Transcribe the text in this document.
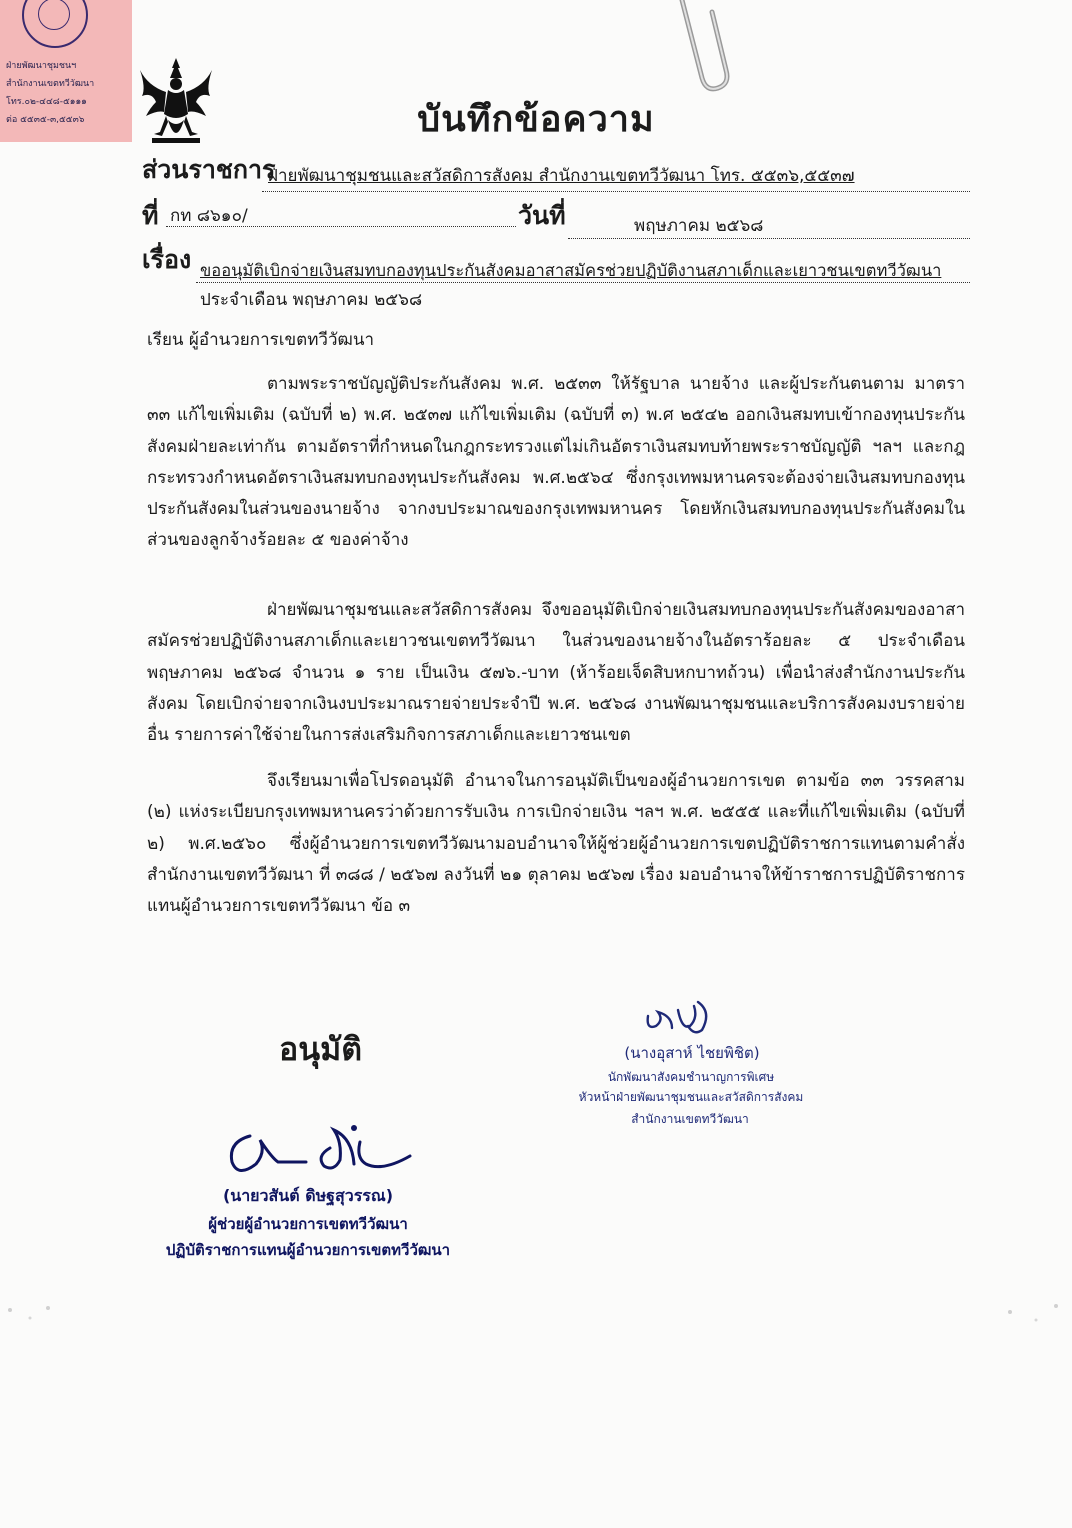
ฝ่ายพัฒนาชุมชนฯ
สำนักงานเขตทวีวัฒนา
โทร.๐๒-๔๔๘-๕๑๑๑
ต่อ ๕๕๓๕-๓,๕๕๓๖	บันทึกข้อความ
ส่วนราชการ
ฝ่ายพัฒนาชุมชนและสวัสดิการสังคม สำนักงานเขตทวีวัฒนา โทร. ๕๕๓๖,๕๕๓๗
ที่ กท ๘๖๑๐/	วันที่	พฤษภาคม ๒๕๖๘
เรื่อง ขออนุมัติเบิกจ่ายเงินสมทบกองทุนประกันสังคมอาสาสมัครช่วยปฏิบัติงานสภาเด็กและเยาวชนเขตทวีวัฒนา
ประจำเดือน พฤษภาคม ๒๕๖๘
เรียน ผู้อำนวยการเขตทวีวัฒนา

ตามพระราชบัญญัติประกันสังคม พ.ศ. ๒๕๓๓ ให้รัฐบาล นายจ้าง และผู้ประกันตนตาม มาตรา ๓๓ แก้ไขเพิ่มเติม (ฉบับที่ ๒) พ.ศ. ๒๕๓๗ แก้ไขเพิ่มเติม (ฉบับที่ ๓) พ.ศ ๒๕๔๒ ออกเงินสมทบเข้ากองทุนประกันสังคมฝ่ายละเท่ากัน ตามอัตราที่กำหนดในกฎกระทรวงแต่ไม่เกินอัตราเงินสมทบท้ายพระราชบัญญัติ ฯลฯ และกฎกระทรวงกำหนดอัตราเงินสมทบกองทุนประกันสังคม พ.ศ.๒๕๖๔ ซึ่งกรุงเทพมหานครจะต้องจ่ายเงินสมทบกองทุนประกันสังคมในส่วนของนายจ้าง จากงบประมาณของกรุงเทพมหานคร โดยหักเงินสมทบกองทุนประกันสังคมในส่วนของลูกจ้างร้อยละ ๕ ของค่าจ้าง

ฝ่ายพัฒนาชุมชนและสวัสดิการสังคม จึงขออนุมัติเบิกจ่ายเงินสมทบกองทุนประกันสังคมของอาสาสมัครช่วยปฏิบัติงานสภาเด็กและเยาวชนเขตทวีวัฒนา ในส่วนของนายจ้างในอัตราร้อยละ ๕ ประจำเดือน พฤษภาคม ๒๕๖๘ จำนวน ๑ ราย เป็นเงิน ๕๗๖.-บาท (ห้าร้อยเจ็ดสิบหกบาทถ้วน) เพื่อนำส่งสำนักงานประกันสังคม โดยเบิกจ่ายจากเงินงบประมาณรายจ่ายประจำปี พ.ศ. ๒๕๖๘ งานพัฒนาชุมชนและบริการสังคมงบรายจ่ายอื่น รายการค่าใช้จ่ายในการส่งเสริมกิจการสภาเด็กและเยาวชนเขต

จึงเรียนมาเพื่อโปรดอนุมัติ อำนาจในการอนุมัติเป็นของผู้อำนวยการเขต ตามข้อ ๓๓ วรรคสาม (๒) แห่งระเบียบกรุงเทพมหานครว่าด้วยการรับเงิน การเบิกจ่ายเงิน ฯลฯ พ.ศ. ๒๕๕๕ และที่แก้ไขเพิ่มเติม (ฉบับที่ ๒) พ.ศ.๒๕๖๐ ซึ่งผู้อำนวยการเขตทวีวัฒนามอบอำนาจให้ผู้ช่วยผู้อำนวยการเขตปฏิบัติราชการแทนตามคำสั่งสำนักงานเขตทวีวัฒนา ที่ ๓๘๘ / ๒๕๖๗ ลงวันที่ ๒๑ ตุลาคม ๒๕๖๗ เรื่อง มอบอำนาจให้ข้าราชการปฏิบัติราชการแทนผู้อำนวยการเขตทวีวัฒนา ข้อ ๓

อนุมัติ
(นายวสันต์ ดิษฐสุวรรณ)
ผู้ช่วยผู้อำนวยการเขตทวีวัฒนา
ปฏิบัติราชการแทนผู้อำนวยการเขตทวีวัฒนา
(นางอุสาห์ ไชยพิชิต)
นักพัฒนาสังคมชำนาญการพิเศษ
หัวหน้าฝ่ายพัฒนาชุมชนและสวัสดิการสังคม
สำนักงานเขตทวีวัฒนา
